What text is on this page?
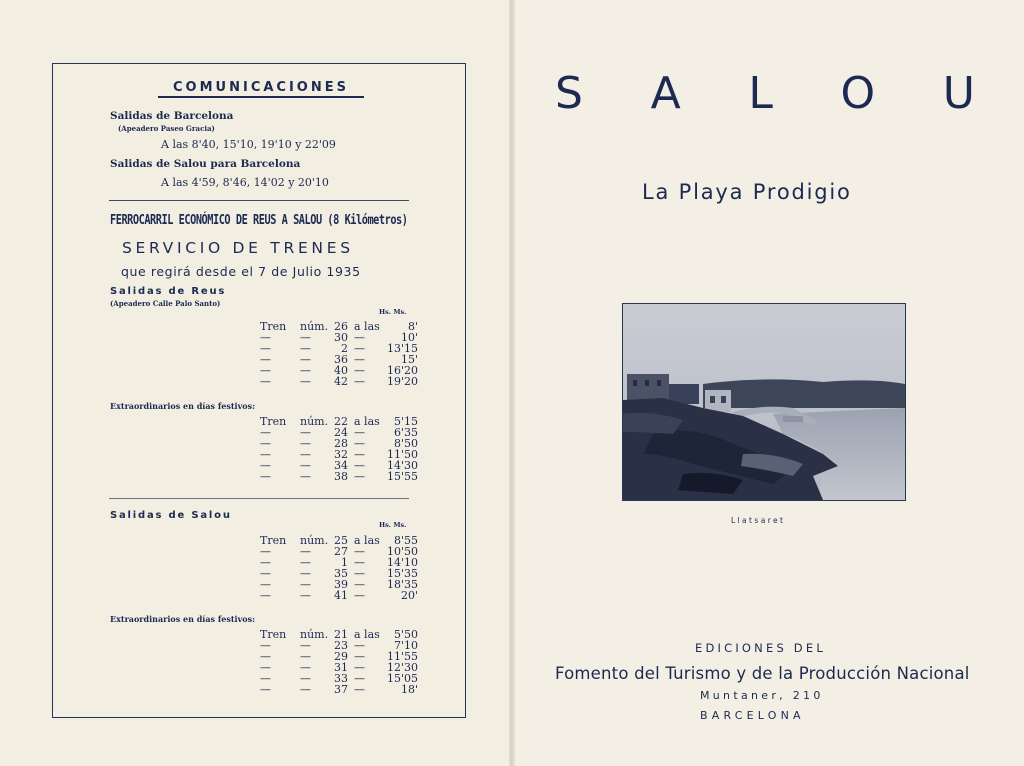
COMUNICACIONES
Salidas de Barcelona
(Apeadero Paseo Gracia)
A las 8'40, 15'10, 19'10 y 22'09
Salidas de Salou para Barcelona
A las 4'59, 8'46, 14'02 y 20'10
FERROCARRIL ECONÓMICO DE REUS A SALOU (8 Kilómetros)
SERVICIO DE TRENES
que regirá desde el 7 de Julio 1935
Salidas de Reus
(Apeadero Calle Palo Santo)
Hs. Ms.
Tren núm. 26 a las	8'
—	—	30 —	10'
—	—	2 —	13'15
—	—	36 —	15'
—	—	40 —	16'20
—	—	42 —	19'20
Extraordinarios en días festivos:
Tren núm. 22 a las	5'15
—	—	24 —	6'35
—	—	28 —	8'50
—	—	32 —	11'50
—	—	34 —	14'30
—	—	38 —	15'55
Salidas de Salou
Hs. Ms.
Tren núm. 25 a las	8'55
—	—	27 —	10'50
—	—	1 —	14'10
—	—	35 —	15'35
—	—	39 —	18'35
—	—	41 —	20'
Extraordinarios en días festivos:
Tren núm. 21 a las	5'50
—	—	23 —	7'10
—	—	29 —	11'55
—	—	31 —	12'30
—	—	33 —	15'05
—	—	37 —	18'
S A L O U
La Playa Prodigio
Llatsaret
EDICIONES DEL
Fomento del Turismo y de la Producción Nacional
Muntaner, 210
BARCELONA
